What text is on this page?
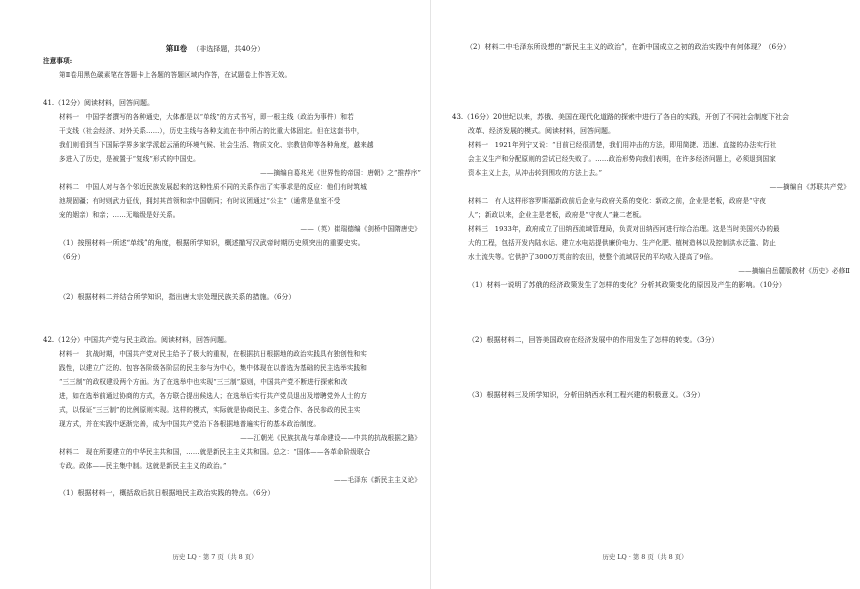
第Ⅱ卷 （非选择题，共40分）
注意事项:
第Ⅱ卷用黑色碳素笔在答题卡上各题的答题区域内作答，在试题卷上作答无效。
41.（12分）阅读材料，回答问题。
材料一　中国学者撰写的各种通史，大体都是以“单线”的方式书写，即一根主线（政治为事件）和若
干支线（社会经济、对外关系……），历史主线与各种支流在书中所占的比重大体固定。但在这套书中，
我们则看到当下国际学界多家学派起云涌的环境气候、社会生活、物质文化、宗教信仰等各种角度，越来越
多进入了历史，是被置于“复线”形式的中国史。
——摘编自葛兆光《世界性的帝国：唐朝》之“推荐序”
材料二　中国人对与各个邻近民族发展起来的这种性质不同的关系作出了实事求是的反应：他们有时筑城
池规固疆；有时则武力征伐，拥封其首领和亲中国朝同；有时议团通过“公主”（通常是皇室不受
宠的姻亲）和亲；……无嗡级是好关系。
——（英）崔瑞德编《剑桥中国隋唐史》
（1）按照材料一所述“单线”的角度，根据所学知识，概述撤写汉武帝时期历史须突出的重要史实。
（6分）
（2）根据材料二并结合所学知识，指出唐太宗处理民族关系的措施。（6分）
42.（12分）中国共产党与民主政治。阅读材料，回答问题。
材料一　抗战时期，中国共产党对民主给予了极大的重视，在根据抗日根据地的政治实践具有独创性和实
践性，以建立广泛的、包容各阶级各阶层的民主参与为中心，集中体现在以普选为基础的民主选举实践和
“三三制”的政权建设两个方面。为了在选举中也实现“三三制”原则，中国共产党不断进行探索和改
进，如在选举前通过协商的方式，各方联合提出候选人；在选举后实行共产党员退出及增聘党外人士的方
式，以保证“三三制”的比例原则实现。这样的模式，实际就是协商民主、多党合作、各民参政的民主实
现方式，并在实践中逐渐完善，成为中国共产党治下各根据地普遍实行的基本政治制度。
——江朝光《民族抗战与革命建设——中共的抗战根据之路》
材料二　现在所要建立的中华民主共和国，……就是新民主主义共和国。总之：“国体——各革命阶级联合
专政。政体——民主集中制。这就是新民主主义的政治。”
——毛泽东《新民主主义论》
（1）根据材料一，概括敌后抗日根据地民主政治实践的特点。（6分）
历史 LQ · 第 7 页（共 8 页）
（2）材料二中毛泽东所设想的“新民主主义的政治”，在新中国成立之初的政治实践中有何体现？（6分）
43.（16分）20世纪以来，苏俄、美国在现代化道路的探索中进行了各自的实践，开创了不同社会制度下社会
改革、经济发展的模式。阅读材料，回答问题。
材料一　1921年列宁又说：“目前已经很清楚，我们用冲击的方法，即用简捷、迅速、直接的办法实行社
会主义生产和分配原则的尝试已经失败了。……政治形势向我们表明，在许多经济问题上，必须退到国家
资本主义上去，从冲击转到围攻的方法上去。”
——摘编自《苏联共产党》
材料二　有人这样形容罗斯福新政前后企业与政府关系的变化：新政之前，企业是老板，政府是“守夜
人”；新政以来，企业主是老板，政府是“守夜人”兼二老板。
材料三　1933年，政府成立了田纳西流域管理局，负责对田纳西河进行综合治理。这是当时美国兴办的最
大的工程，包括开发内陆水运、建立水电站提供廉价电力、生产化肥、植树造林以及控制洪水泛滥、防止
水土流失等。它供护了3000万英亩的农田，使整个流域居民的平均收入提高了9倍。
——摘编自岳麓版教材《历史》必修Ⅱ
（1）材料一说明了苏俄的经济政策发生了怎样的变化？分析其政策变化的原因及产生的影响。（10分）
（2）根据材料二，回答美国政府在经济发展中的作用发生了怎样的转变。（3分）
（3）根据材料三及所学知识，分析田纳西水利工程兴建的积极意义。（3分）
历史 LQ · 第 8 页（共 8 页）
